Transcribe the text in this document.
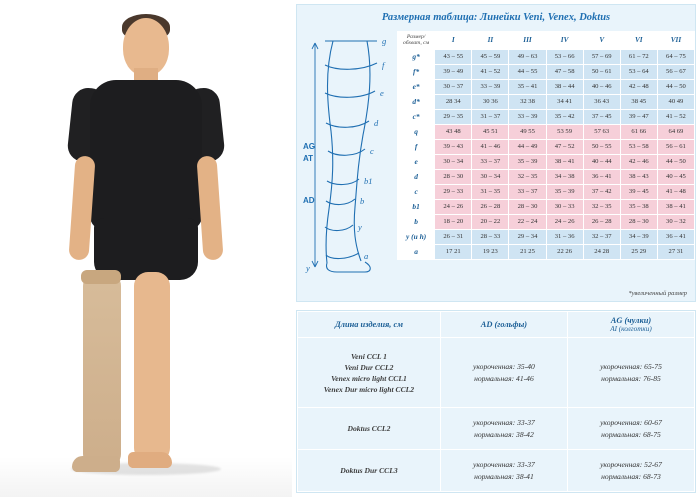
Размерная таблица: Линейки Veni, Venex, Doktus
g
f
e
d
c
b1
b
y
a
y
AG
AT
AD
Размер/
обхват, см	I	II	III	IV	V	VI	VII
g*	43 – 55	45 – 59	49 – 63	53 – 66	57 – 69	61 – 72	64 – 75
f*	39 – 49	41 – 52	44 – 55	47 – 58	50 – 61	53 – 64	56 – 67
e*	30 – 37	33 – 39	35 – 41	38 – 44	40 – 46	42 – 48	44 – 50
d*	28 34	30 36	32 38	34 41	36 43	38 45	40 49
c*	29 – 35	31 – 37	33 – 39	35 – 42	37 – 45	39 – 47	41 – 52
q	43 48	45 51	49 55	53 59	57 63	61 66	64 69
f	39 – 43	41 – 46	44 – 49	47 – 52	50 – 55	53 – 58	56 – 61
e	30 – 34	33 – 37	35 – 39	38 – 41	40 – 44	42 – 46	44 – 50
d	28 – 30	30 – 34	32 – 35	34 – 38	36 – 41	38 – 43	40 – 45
c	29 – 33	31 – 35	33 – 37	35 – 39	37 – 42	39 – 45	41 – 48
b1	24 – 26	26 – 28	28 – 30	30 – 33	32 – 35	35 – 38	38 – 41
b	18 – 20	20 – 22	22 – 24	24 – 26	26 – 28	28 – 30	30 – 32
y (и h)	26 – 31	28 – 33	29 – 34	31 – 36	32 – 37	34 – 39	36 – 41
a	17 21	19 23	21 25	22 26	24 28	25 29	27 31
*увеличенный размер
Длина изделия, см	AD (гольфы)	AG (чулки)
AI (колготки)

Veni CCL 1
Veni Dur CCL2
Venex micro light CCL1
Venex Dur micro light CCL2

укороченная: 35-40
нормальная: 41-46

укороченная: 65-75
нормальная: 76-85

Doktus CCL2

укороченная: 33-37
нормальная: 38-42

укороченная: 60-67
нормальная: 68-75

Doktus Dur CCL3

укороченная: 33-37
нормальная: 38-41

укороченная: 52-67
нормальная: 68-73
